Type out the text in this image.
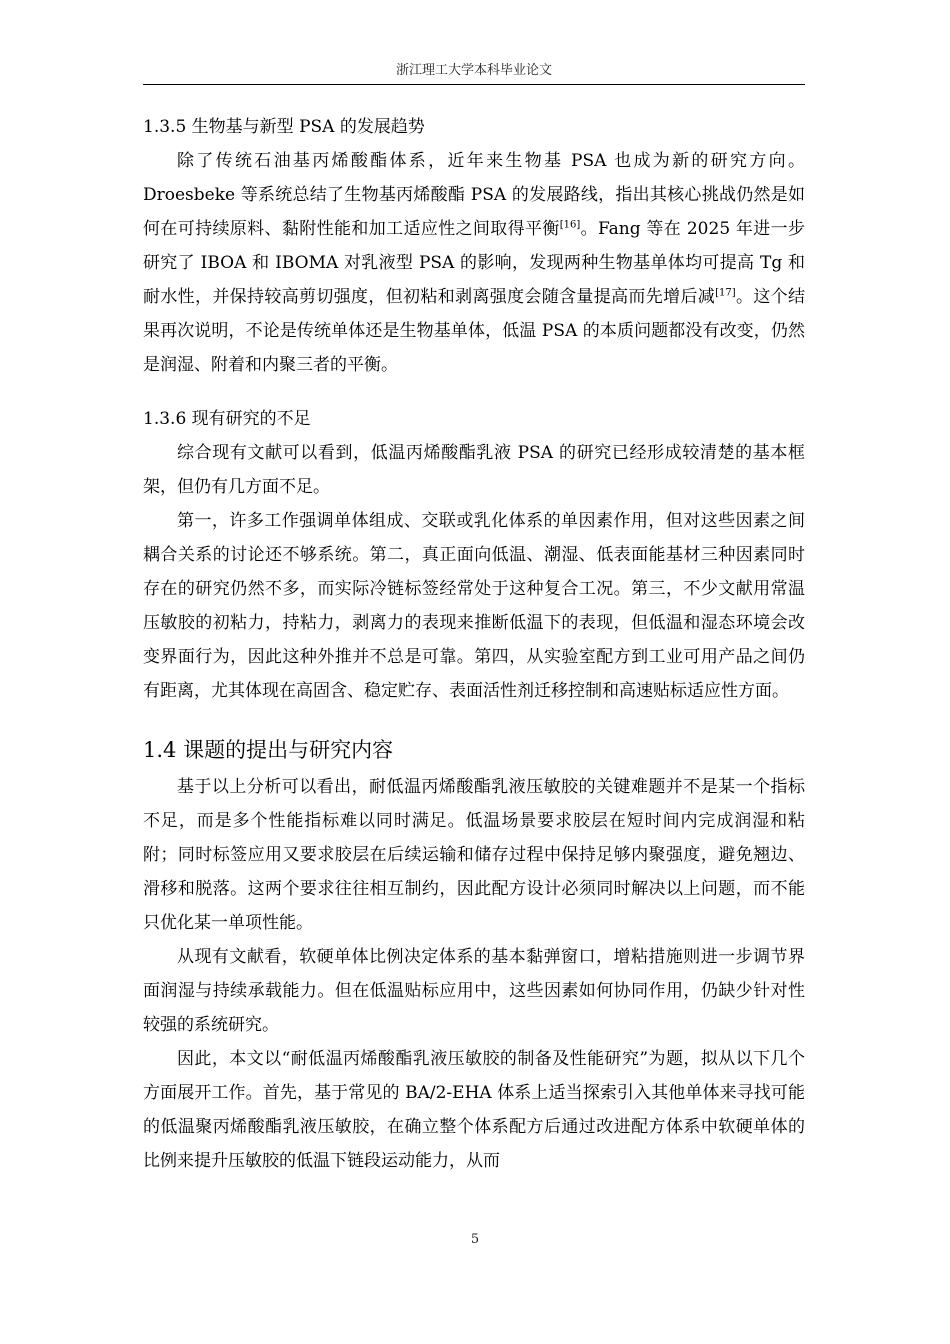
浙江理工大学本科毕业论文
1.3.5 生物基与新型 PSA 的发展趋势

除了传统石油基丙烯酸酯体系，近年来生物基 PSA 也成为新的研究方向。Droesbeke 等系统总结了生物基丙烯酸酯 PSA 的发展路线，指出其核心挑战仍然是如何在可持续原料、黏附性能和加工适应性之间取得平衡[16]。Fang 等在 2025 年进一步研究了 IBOA 和 IBOMA 对乳液型 PSA 的影响，发现两种生物基单体均可提高 Tg 和耐水性，并保持较高剪切强度，但初粘和剥离强度会随含量提高而先增后减[17]。这个结果再次说明，不论是传统单体还是生物基单体，低温 PSA 的本质问题都没有改变，仍然是润湿、附着和内聚三者的平衡。

1.3.6 现有研究的不足

综合现有文献可以看到，低温丙烯酸酯乳液 PSA 的研究已经形成较清楚的基本框架，但仍有几方面不足。

第一，许多工作强调单体组成、交联或乳化体系的单因素作用，但对这些因素之间耦合关系的讨论还不够系统。第二，真正面向低温、潮湿、低表面能基材三种因素同时存在的研究仍然不多，而实际冷链标签经常处于这种复合工况。第三，不少文献用常温压敏胶的初粘力，持粘力，剥离力的表现来推断低温下的表现，但低温和湿态环境会改变界面行为，因此这种外推并不总是可靠。第四，从实验室配方到工业可用产品之间仍有距离，尤其体现在高固含、稳定贮存、表面活性剂迁移控制和高速贴标适应性方面。

1.4 课题的提出与研究内容

基于以上分析可以看出，耐低温丙烯酸酯乳液压敏胶的关键难题并不是某一个指标不足，而是多个性能指标难以同时满足。低温场景要求胶层在短时间内完成润湿和粘附；同时标签应用又要求胶层在后续运输和储存过程中保持足够内聚强度，避免翘边、滑移和脱落。这两个要求往往相互制约，因此配方设计必须同时解决以上问题，而不能只优化某一单项性能。

从现有文献看，软硬单体比例决定体系的基本黏弹窗口，增粘措施则进一步调节界面润湿与持续承载能力。但在低温贴标应用中，这些因素如何协同作用，仍缺少针对性较强的系统研究。

因此，本文以“耐低温丙烯酸酯乳液压敏胶的制备及性能研究”为题，拟从以下几个方面展开工作。首先，基于常见的 BA/2-EHA 体系上适当探索引入其他单体来寻找可能的低温聚丙烯酸酯乳液压敏胶，在确立整个体系配方后通过改进配方体系中软硬单体的比例来提升压敏胶的低温下链段运动能力，从而

5
